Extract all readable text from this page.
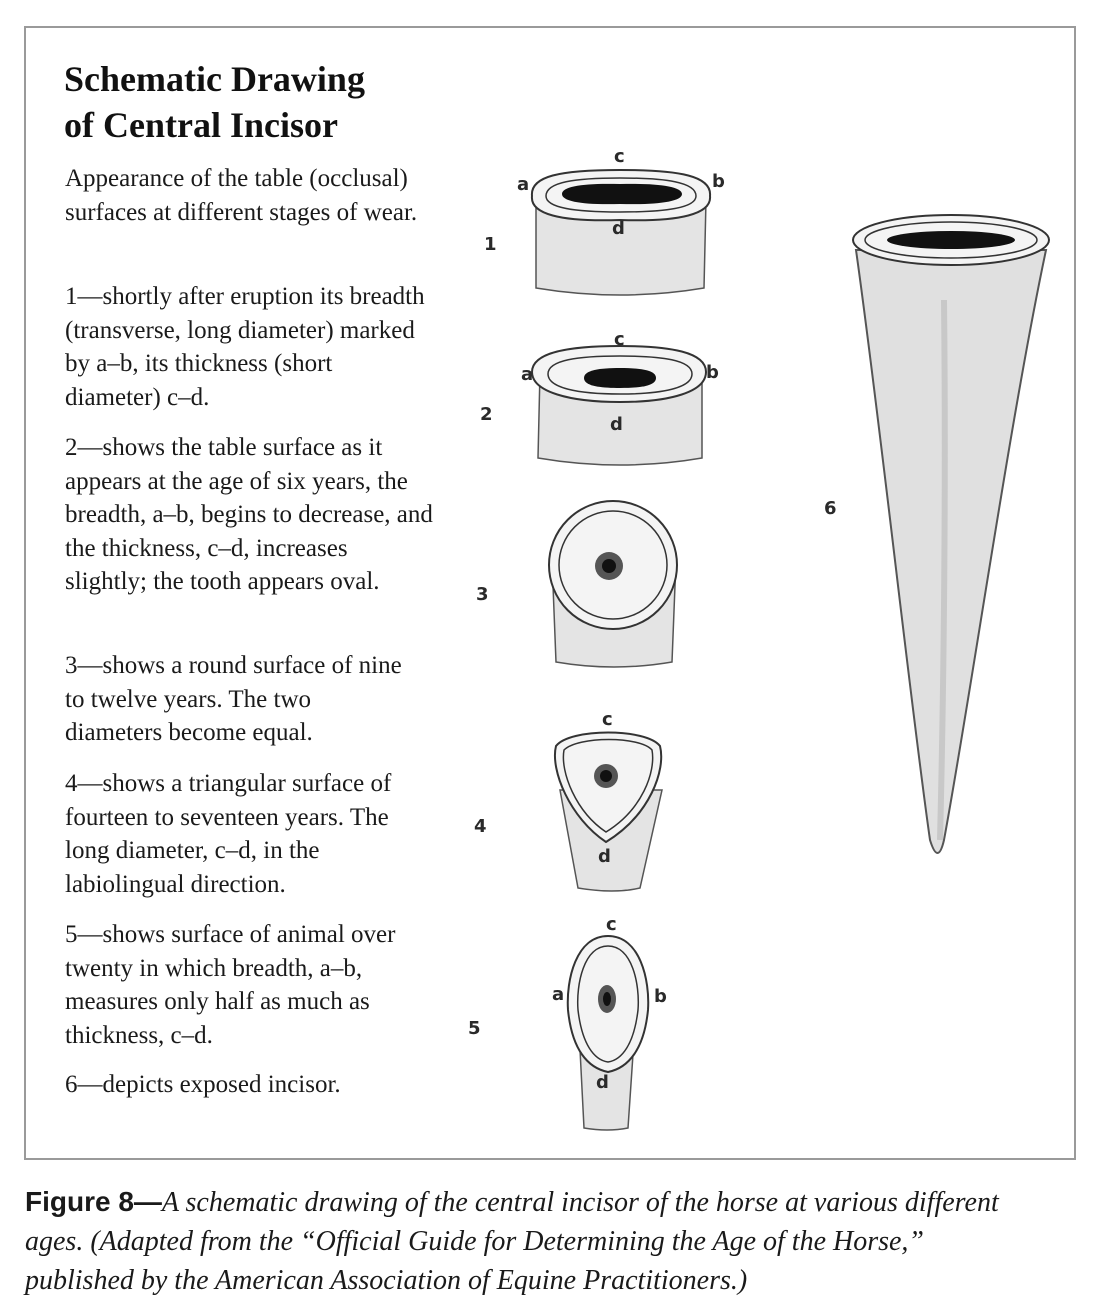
Schematic Drawing
of Central Incisor

Appearance of the table (occlusal) surfaces at different stages of wear.

1—shortly after eruption its breadth (transverse, long diameter) marked by a–b, its thickness (short diameter) c–d.

2—shows the table surface as it appears at the age of six years, the breadth, a–b, begins to decrease, and the thickness, c–d, increases slightly; the tooth appears oval.

3—shows a round surface of nine to twelve years. The two diameters become equal.

4—shows a triangular surface of fourteen to seventeen years. The long diameter, c–d, in the labiolingual direction.

5—shows surface of animal over twenty in which breadth, a–b, measures only half as much as thickness, c–d.

6—depicts exposed incisor.

c
a	b
d
c
a	b
d
c
d
c
a	b
d
1
2
3
4
5
6

Figure 8—A schematic drawing of the central incisor of the horse at various different ages. (Adapted from the “Official Guide for Determining the Age of the Horse,” published by the American Association of Equine Practitioners.)
